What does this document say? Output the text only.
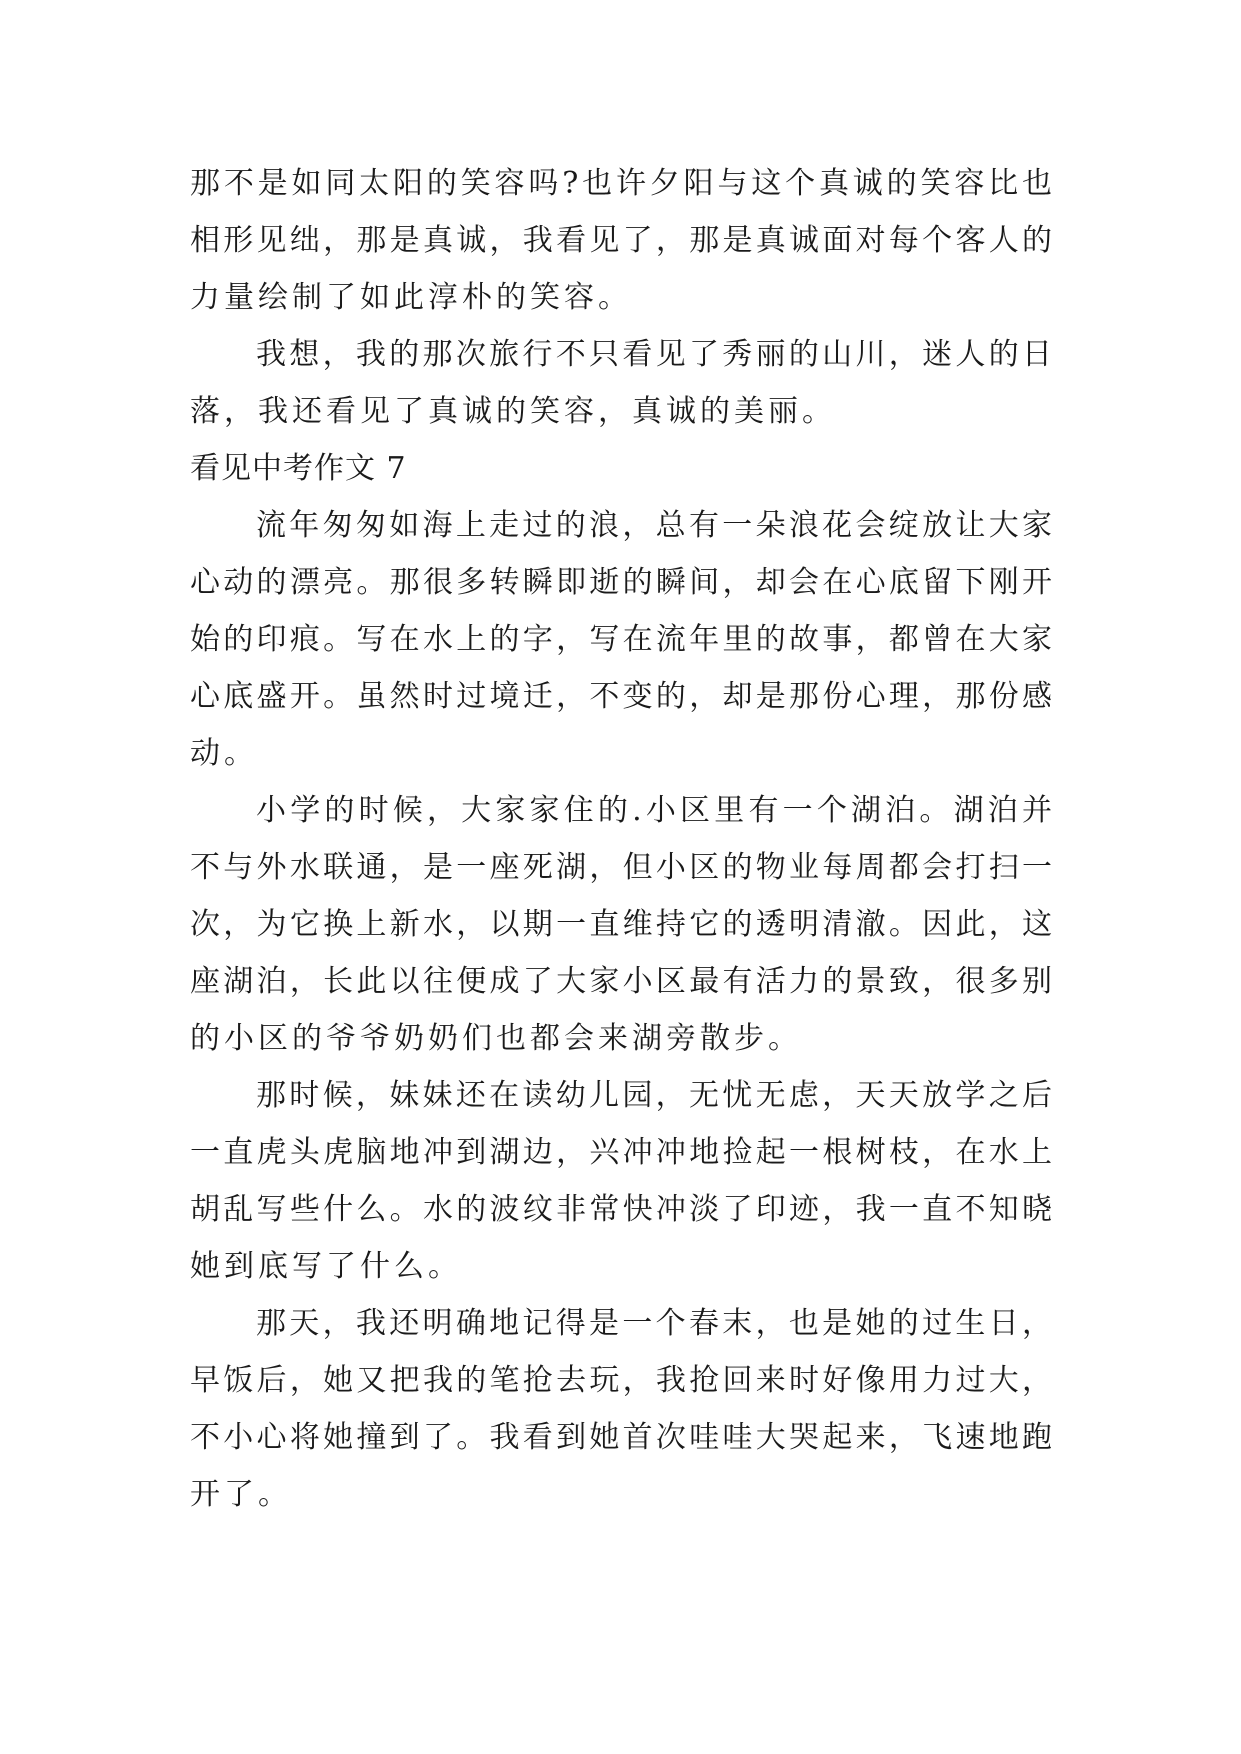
那不是如同太阳的笑容吗?也许夕阳与这个真诚的笑容比也
相形见绌，那是真诚，我看见了，那是真诚面对每个客人的
力量绘制了如此淳朴的笑容。
我想，我的那次旅行不只看见了秀丽的山川，迷人的日
落，我还看见了真诚的笑容，真诚的美丽。
看见中考作文 7
流年匆匆如海上走过的浪，总有一朵浪花会绽放让大家
心动的漂亮。那很多转瞬即逝的瞬间，却会在心底留下刚开
始的印痕。写在水上的字，写在流年里的故事，都曾在大家
心底盛开。虽然时过境迁，不变的，却是那份心理，那份感
动。
小学的时候，大家家住的.小区里有一个湖泊。湖泊并
不与外水联通，是一座死湖，但小区的物业每周都会打扫一
次，为它换上新水，以期一直维持它的透明清澈。因此，这
座湖泊，长此以往便成了大家小区最有活力的景致，很多别
的小区的爷爷奶奶们也都会来湖旁散步。
那时候，妹妹还在读幼儿园，无忧无虑，天天放学之后
一直虎头虎脑地冲到湖边，兴冲冲地捡起一根树枝，在水上
胡乱写些什么。水的波纹非常快冲淡了印迹，我一直不知晓
她到底写了什么。
那天，我还明确地记得是一个春末，也是她的过生日，
早饭后，她又把我的笔抢去玩，我抢回来时好像用力过大，
不小心将她撞到了。我看到她首次哇哇大哭起来，飞速地跑
开了。
